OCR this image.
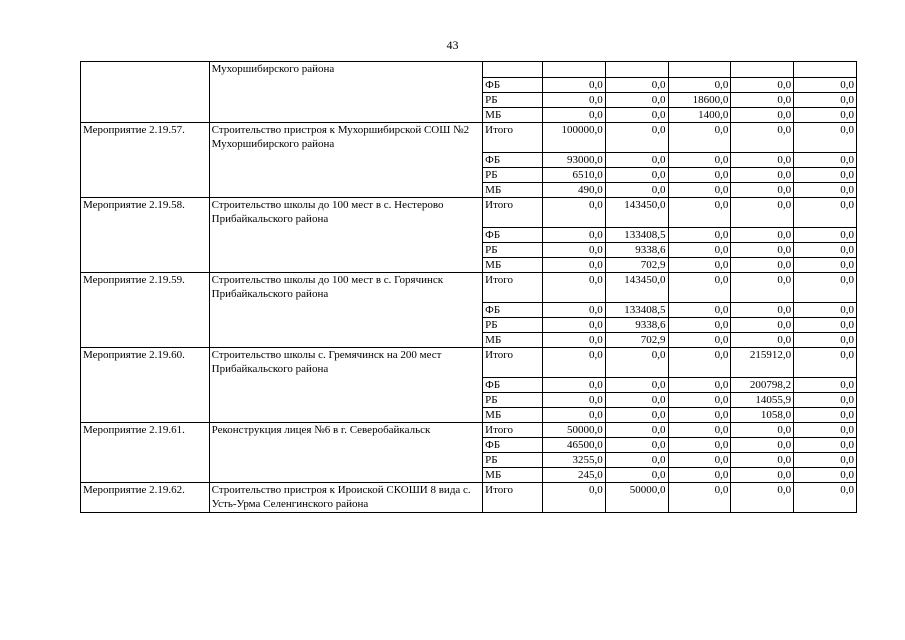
43
	Мухоршибирского района						
		ФБ	0,0	0,0	0,0	0,0	0,0
		РБ	0,0	0,0	18600,0	0,0	0,0
		МБ	0,0	0,0	1400,0	0,0	0,0
Мероприятие 2.19.57.	Строительство пристроя к Мухоршибирской СОШ №2 Мухоршибирского района	Итого	100000,0	0,0	0,0	0,0	0,0
		ФБ	93000,0	0,0	0,0	0,0	0,0
		РБ	6510,0	0,0	0,0	0,0	0,0
		МБ	490,0	0,0	0,0	0,0	0,0
Мероприятие 2.19.58.	Строительство школы до 100 мест в с. Нестерово Прибайкальского района	Итого	0,0	143450,0	0,0	0,0	0,0
		ФБ	0,0	133408,5	0,0	0,0	0,0
		РБ	0,0	9338,6	0,0	0,0	0,0
		МБ	0,0	702,9	0,0	0,0	0,0
Мероприятие 2.19.59.	Строительство школы до 100 мест в с. Горячинск Прибайкальского района	Итого	0,0	143450,0	0,0	0,0	0,0
		ФБ	0,0	133408,5	0,0	0,0	0,0
		РБ	0,0	9338,6	0,0	0,0	0,0
		МБ	0,0	702,9	0,0	0,0	0,0
Мероприятие 2.19.60.	Строительство школы с. Гремячинск на 200 мест Прибайкальского района	Итого	0,0	0,0	0,0	215912,0	0,0
		ФБ	0,0	0,0	0,0	200798,2	0,0
		РБ	0,0	0,0	0,0	14055,9	0,0
		МБ	0,0	0,0	0,0	1058,0	0,0
Мероприятие 2.19.61.	Реконструкция лицея №6 в г. Северобайкальск	Итого	50000,0	0,0	0,0	0,0	0,0
		ФБ	46500,0	0,0	0,0	0,0	0,0
		РБ	3255,0	0,0	0,0	0,0	0,0
		МБ	245,0	0,0	0,0	0,0	0,0
Мероприятие 2.19.62.	Строительство пристроя к Ироиской СКОШИ 8 вида с. Усть-Урма Селенгинского района	Итого	0,0	50000,0	0,0	0,0	0,0
